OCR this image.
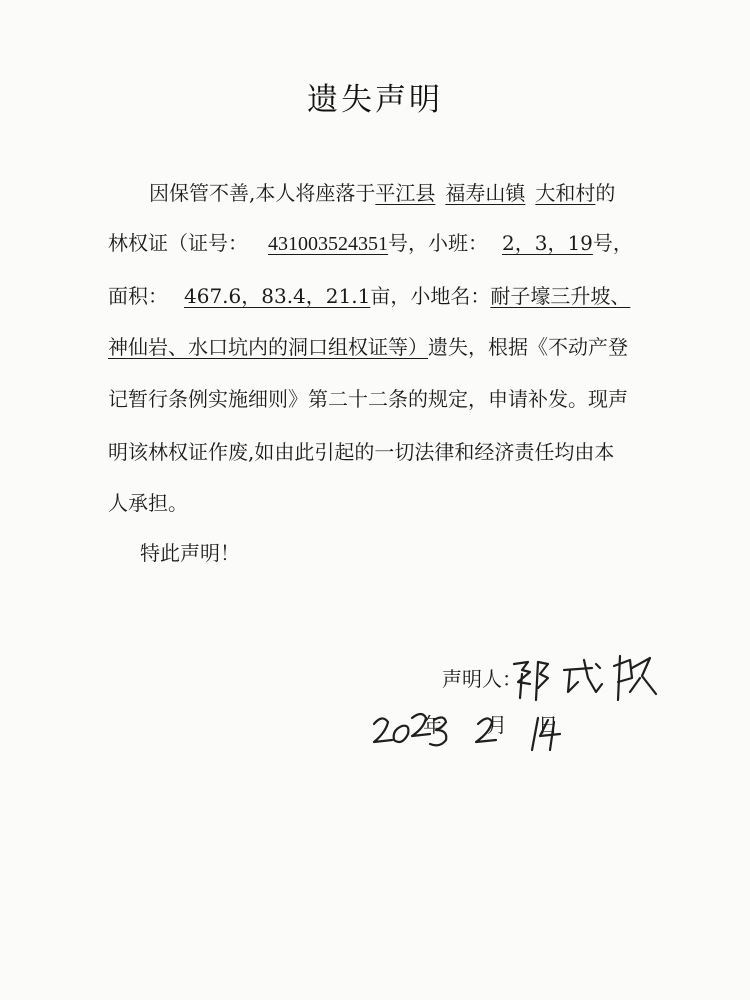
遗失声明
因保管不善,本人将座落于平江县 福寿山镇 大和村的
林权证（证号： 431003524351号，小班： 2，3，19号，
面积： 467.6，83.4，21.1亩，小地名：耐子壕三升坡、
神仙岩、水口坑内的洞口组权证等）遗失，根据《不动产登
记暂行条例实施细则》第二十二条的规定，申请补发。现声
明该林权证作废,如由此引起的一切法律和经济责任均由本
人承担。
特此声明！
声明人：
年 月 日
